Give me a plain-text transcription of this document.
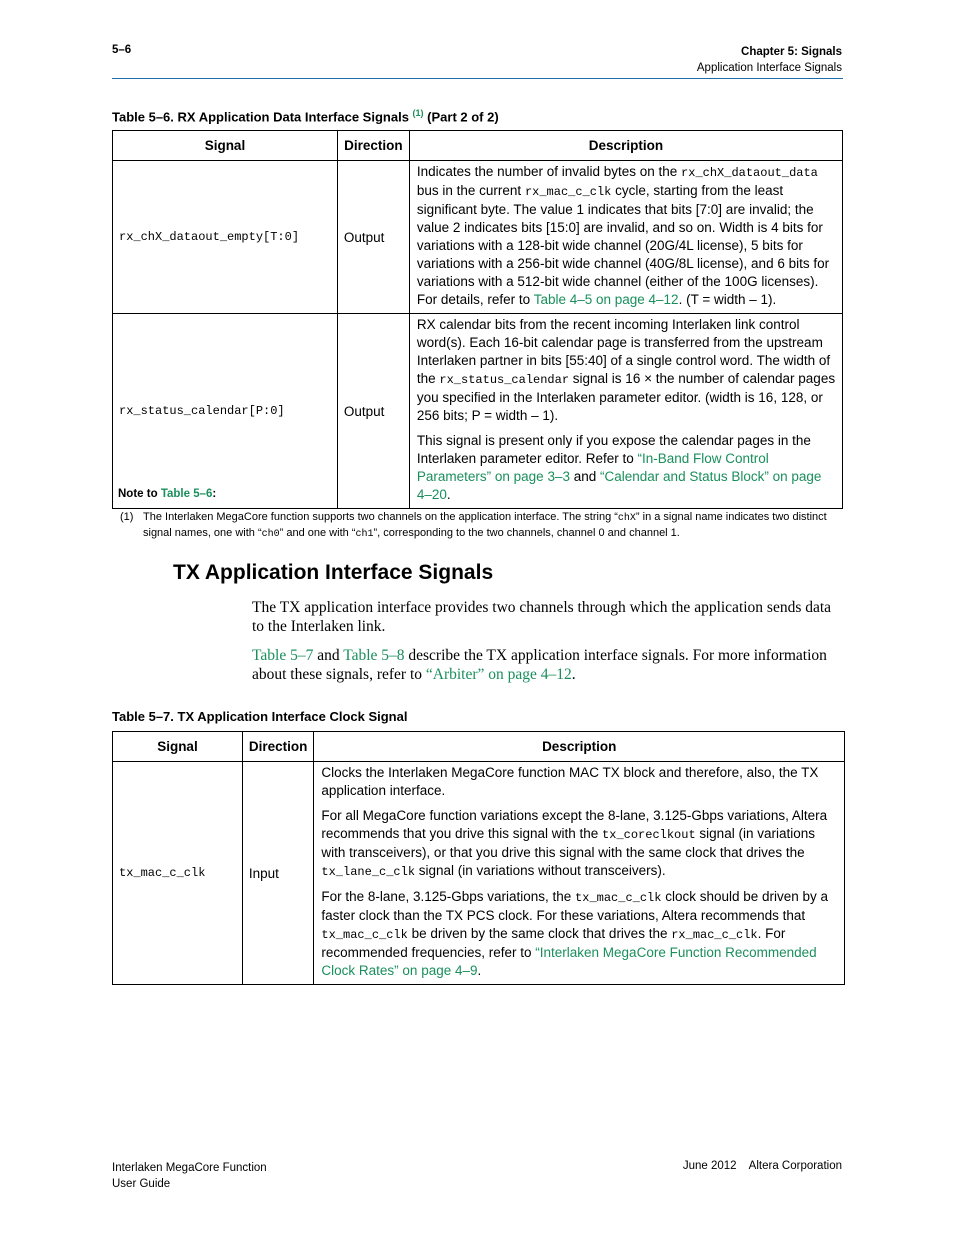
5–6	Chapter 5: Signals
Application Interface Signals
Table 5–6. RX Application Data Interface Signals $^{(1)}$ (Part 2 of 2)
Signal	Direction	Description
rx_chX_dataout_empty[T:0]	Output	Indicates the number of invalid bytes on the rx_chX_dataout_data bus in the current rx_mac_c_clk cycle, starting from the least significant byte. The value 1 indicates that bits [7:0] are invalid; the value 2 indicates bits [15:0] are invalid, and so on. Width is 4 bits for variations with a 128-bit wide channel (20G/4L license), 5 bits for variations with a 256-bit wide channel (40G/8L license), and 6 bits for variations with a 512-bit wide channel (either of the 100G licenses). For details, refer to Table 4–5 on page 4–12. (T = width – 1).
rx_status_calendar[P:0]	Output	RX calendar bits from the recent incoming Interlaken link control word(s). Each 16-bit calendar page is transferred from the upstream Interlaken partner in bits [55:40] of a single control word. The width of the rx_status_calendar signal is 16 × the number of calendar pages you specified in the Interlaken parameter editor. (width is 16, 128, or 256 bits; P = width – 1).

This signal is present only if you expose the calendar pages in the Interlaken parameter editor. Refer to “In-Band Flow Control Parameters” on page 3–3 and “Calendar and Status Block” on page 4–20.

Note to Table 5–6:
(1) The Interlaken MegaCore function supports two channels on the application interface. The string “chX” in a signal name indicates two distinct signal names, one with “ch0” and one with “ch1”, corresponding to the two channels, channel 0 and channel 1.
TX Application Interface Signals
The TX application interface provides two channels through which the application sends data to the Interlaken link.
Table 5–7 and Table 5–8 describe the TX application interface signals. For more information about these signals, refer to “Arbiter” on page 4–12.
Table 5–7. TX Application Interface Clock Signal
Signal	Direction	Description
tx_mac_c_clk	Input	Clocks the Interlaken MegaCore function MAC TX block and therefore, also, the TX application interface.

For all MegaCore function variations except the 8-lane, 3.125-Gbps variations, Altera recommends that you drive this signal with the tx_coreclkout signal (in variations with transceivers), or that you drive this signal with the same clock that drives the tx_lane_c_clk signal (in variations without transceivers).

For the 8-lane, 3.125-Gbps variations, the tx_mac_c_clk clock should be driven by a faster clock than the TX PCS clock. For these variations, Altera recommends that tx_mac_c_clk be driven by the same clock that drives the rx_mac_c_clk. For recommended frequencies, refer to “Interlaken MegaCore Function Recommended Clock Rates” on page 4–9.

Interlaken MegaCore Function
User Guide
June 2012    Altera Corporation
